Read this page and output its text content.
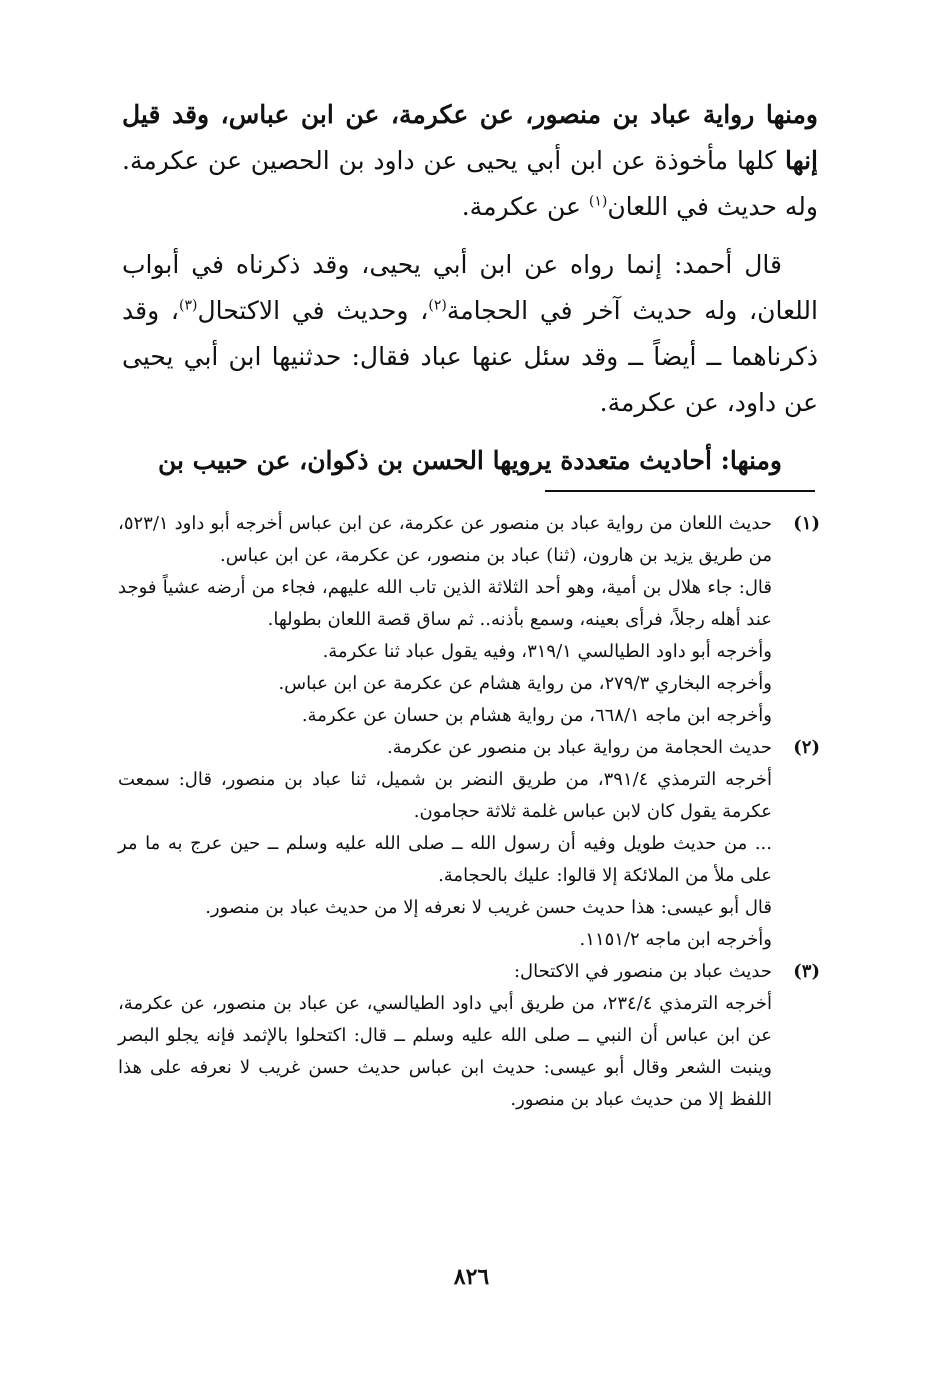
ومنها رواية عباد بن منصور، عن عكرمة، عن ابن عباس، وقد قيل إنها كلها مأخوذة عن ابن أبي يحيى عن داود بن الحصين عن عكرمة. وله حديث في اللعان$^{(١)}$ عن عكرمة.

قال أحمد: إنما رواه عن ابن أبي يحيى، وقد ذكرناه في أبواب اللعان، وله حديث آخر في الحجامة$^{(٢)}$، وحديث في الاكتحال$^{(٣)}$، وقد ذكرناهما ــ أيضاً ــ وقد سئل عنها عباد فقال: حدثنيها ابن أبي يحيى عن داود، عن عكرمة.

ومنها: أحاديث متعددة يرويها الحسن بن ذكوان، عن حبيب بن

(١)

حديث اللعان من رواية عباد بن منصور عن عكرمة، عن ابن عباس أخرجه أبو داود ٥٢٣/١، من طريق يزيد بن هارون، (ثنا) عباد بن منصور، عن عكرمة، عن ابن عباس.

قال: جاء هلال بن أمية، وهو أحد الثلاثة الذين تاب الله عليهم، فجاء من أرضه عشياً فوجد عند أهله رجلاً، فرأى بعينه، وسمع بأذنه.. ثم ساق قصة اللعان بطولها.

وأخرجه أبو داود الطيالسي ٣١٩/١، وفيه يقول عباد ثنا عكرمة.

وأخرجه البخاري ٢٧٩/٣، من رواية هشام عن عكرمة عن ابن عباس.

وأخرجه ابن ماجه ٦٦٨/١، من رواية هشام بن حسان عن عكرمة.

(٢)

حديث الحجامة من رواية عباد بن منصور عن عكرمة.

أخرجه الترمذي ٣٩١/٤، من طريق النضر بن شميل، ثنا عباد بن منصور، قال: سمعت عكرمة يقول كان لابن عباس غلمة ثلاثة حجامون.

... من حديث طويل وفيه أن رسول الله ــ صلى الله عليه وسلم ــ حين عرج به ما مر على ملأ من الملائكة إلا قالوا: عليك بالحجامة.

قال أبو عيسى: هذا حديث حسن غريب لا نعرفه إلا من حديث عباد بن منصور.

وأخرجه ابن ماجه ١١٥١/٢.

(٣)

حديث عباد بن منصور في الاكتحال:

أخرجه الترمذي ٢٣٤/٤، من طريق أبي داود الطيالسي، عن عباد بن منصور، عن عكرمة، عن ابن عباس أن النبي ــ صلى الله عليه وسلم ــ قال: اكتحلوا بالإثمد فإنه يجلو البصر وينبت الشعر وقال أبو عيسى: حديث ابن عباس حديث حسن غريب لا نعرفه على هذا اللفظ إلا من حديث عباد بن منصور.

٨٢٦
